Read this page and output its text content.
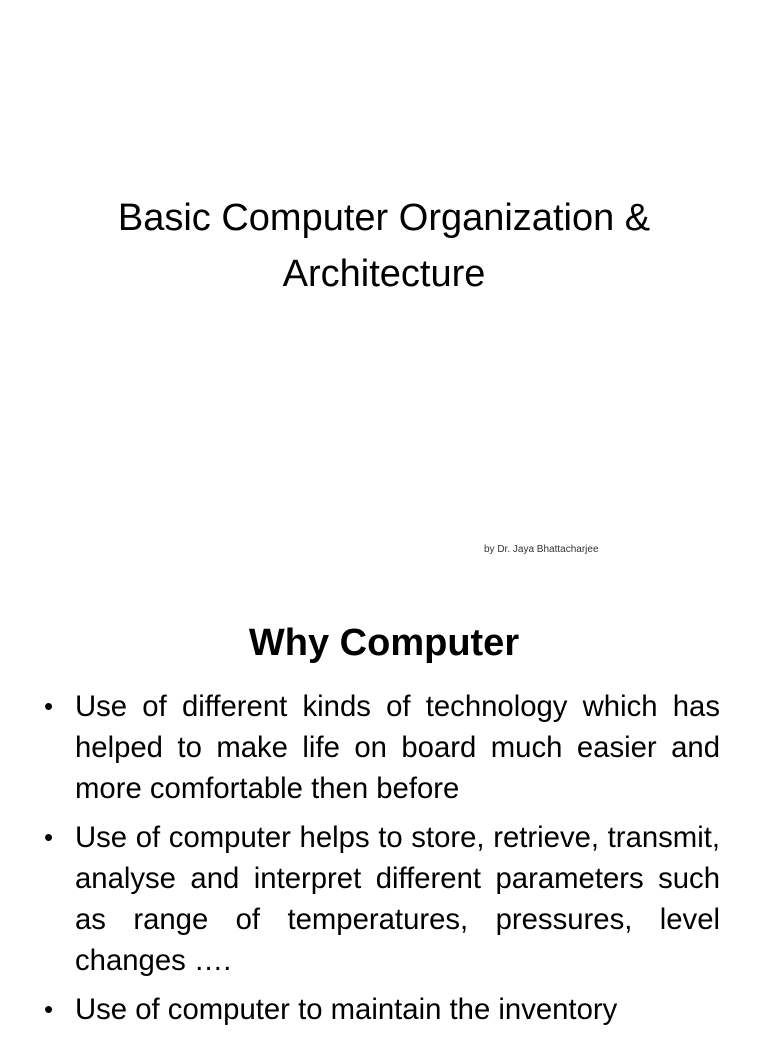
Basic Computer Organization &
Architecture
by Dr. Jaya Bhattacharjee
Why Computer
• Use of different kinds of technology which has helped to make life on board much easier and more comfortable then before
• Use of computer helps to store, retrieve, transmit, analyse and interpret different parameters such as range of temperatures, pressures, level changes ….
• Use of computer to maintain the inventory
